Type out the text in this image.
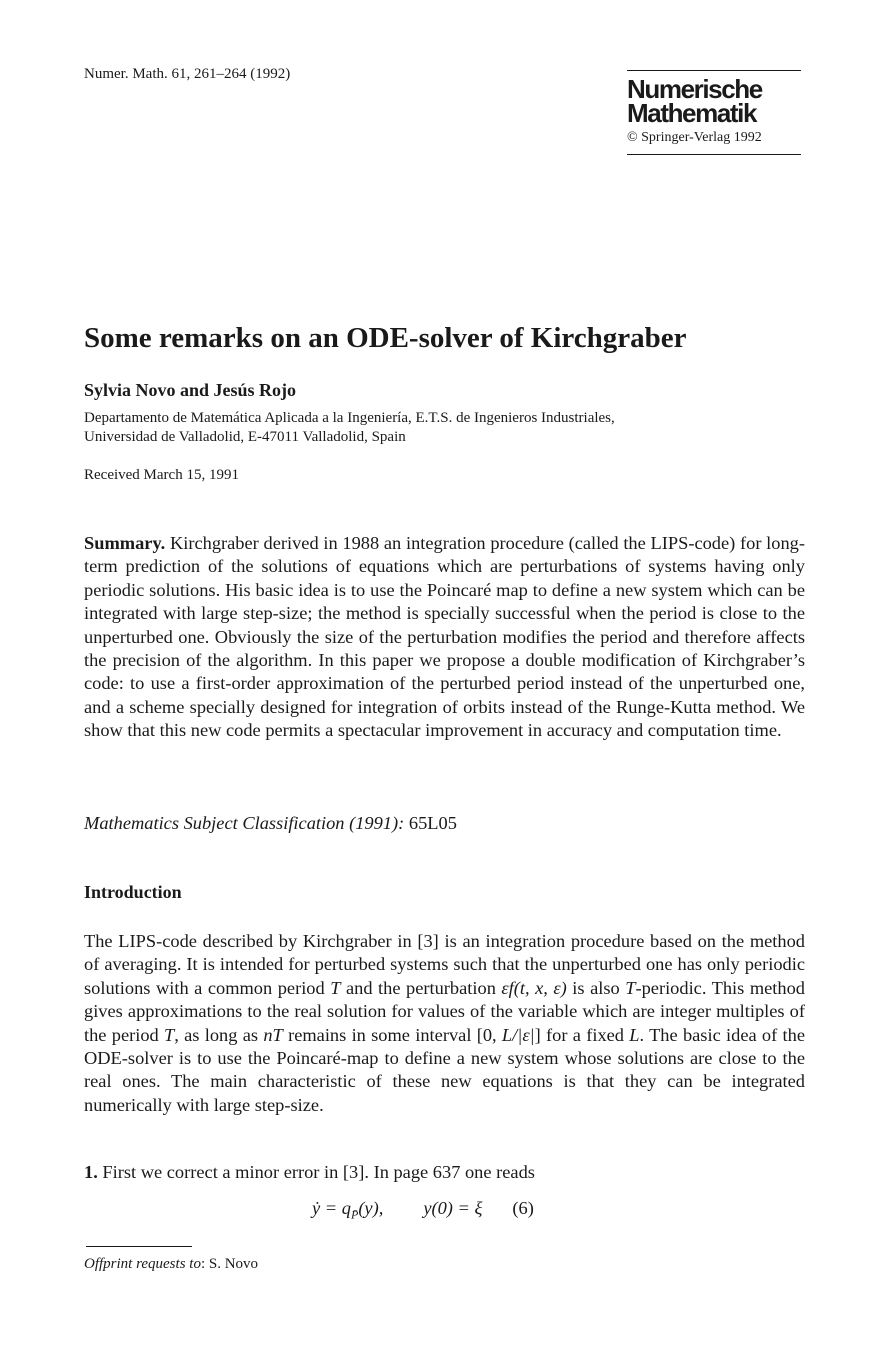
Numer. Math. 61, 261–264 (1992)	Numerische
Mathematik
© Springer-Verlag 1992
Some remarks on an ODE-solver of Kirchgraber
Sylvia Novo and Jesús Rojo
Departamento de Matemática Aplicada a la Ingeniería, E.T.S. de Ingenieros Industriales,
Universidad de Valladolid, E-47011 Valladolid, Spain
Received March 15, 1991

Summary. Kirchgraber derived in 1988 an integration procedure (called the LIPS-code) for long-term prediction of the solutions of equations which are perturbations of systems having only periodic solutions. His basic idea is to use the Poincaré map to define a new system which can be integrated with large step-size; the method is specially successful when the period is close to the unperturbed one. Obviously the size of the perturbation modifies the period and therefore affects the precision of the algorithm. In this paper we propose a double modification of Kirchgraber’s code: to use a first-order approximation of the perturbed period instead of the unperturbed one, and a scheme specially designed for integration of orbits instead of the Runge-Kutta method. We show that this new code permits a spectacular improvement in accuracy and computation time.

Mathematics Subject Classification (1991): 65L05
Introduction

The LIPS-code described by Kirchgraber in [3] is an integration procedure based on the method of averaging. It is intended for perturbed systems such that the unperturbed one has only periodic solutions with a common period T and the perturbation εf(t, x, ε) is also T-periodic. This method gives approximations to the real solution for values of the variable which are integer multiples of the period T, as long as nT remains in some interval [0, L/|ε|] for a fixed L. The basic idea of the ODE-solver is to use the Poincaré-map to define a new system whose solutions are close to the real ones. The main characteristic of these new equations is that they can be integrated numerically with large step-size.

1. First we correct a minor error in [3]. In page 637 one reads
ẏ = $q_{P̄}(y)$, y(0) = ξ (6)
Offprint requests to: S. Novo
